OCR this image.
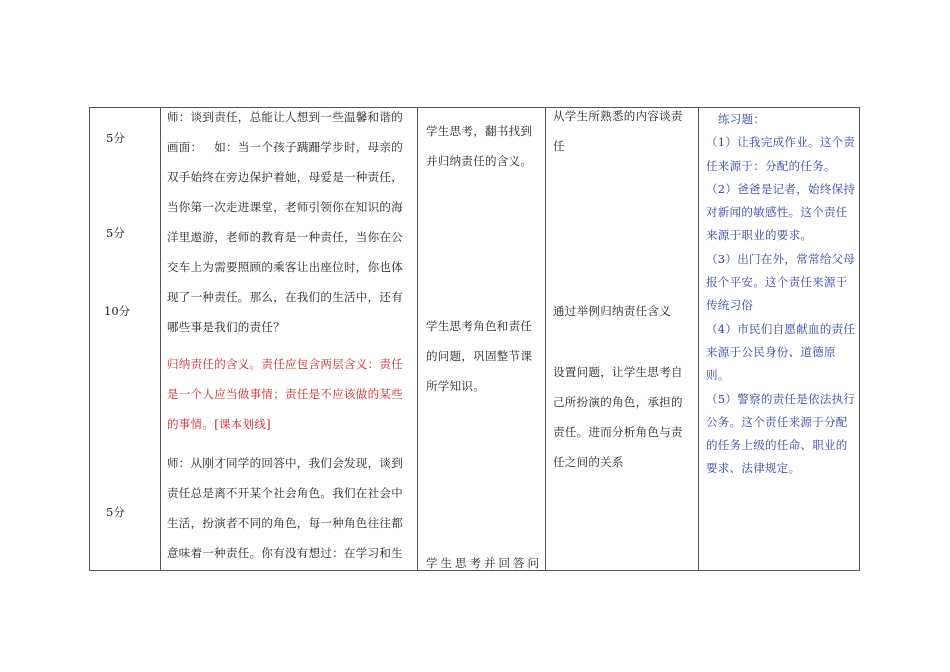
5分
5分
10分
5分

师：谈到责任，总能让人想到一些温馨和谐的

画面：   如：当一个孩子蹒跚学步时，母亲的

双手始终在旁边保护着她，母爱是一种责任，

当你第一次走进课堂，老师引领你在知识的海

洋里遨游，老师的教育是一种责任，当你在公

交车上为需要照顾的乘客让出座位时，你也体

现了一种责任。那么，在我们的生活中，还有

哪些事是我们的责任？

归纳责任的含义。责任应包含两层含义：责任

是一个人应当做事情；责任是不应该做的某些

的事情。[课本划线]

师：从刚才同学的回答中，我们会发现，谈到

责任总是离不开某个社会角色。我们在社会中

生活，扮演者不同的角色，每一种角色往往都

意味着一种责任。你有没有想过：在学习和生

学生思考，翻书找到

并归纳责任的含义。

学生思考角色和责任

的问题，巩固整节课

所学知识。

学生思考并回答问

从学生所熟悉的内容谈责

任

通过举例归纳责任含义

设置问题，让学生思考自

己所扮演的角色，承担的

责任。进而分析角色与责

任之间的关系

练习题：

（1）让我完成作业。这个责

任来源于：分配的任务。

（2）爸爸是记者，始终保持

对新闻的敏感性。这个责任

来源于职业的要求。

（3）出门在外，常常给父母

报个平安。这个责任来源于

传统习俗

（4）市民们自愿献血的责任

来源于公民身份、道德原

则。

（5）警察的责任是依法执行

公务。这个责任来源于分配

的任务上级的任命、职业的

要求、法律规定。
